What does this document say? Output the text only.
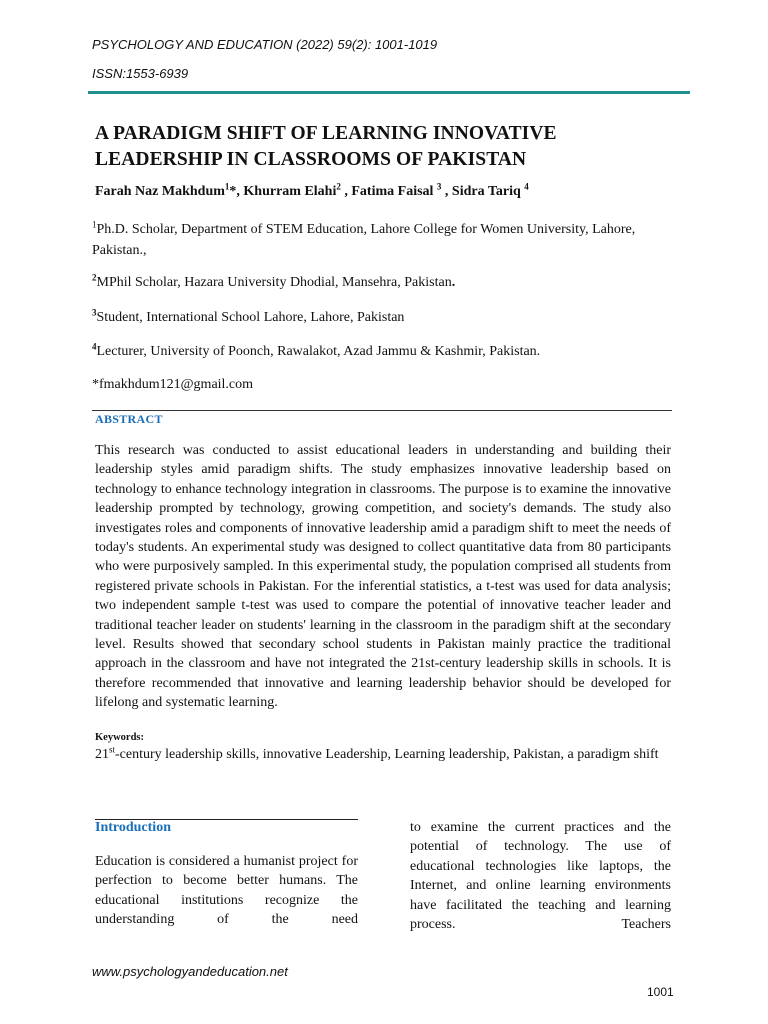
PSYCHOLOGY AND EDUCATION (2022) 59(2): 1001-1019
ISSN:1553-6939
A PARADIGM SHIFT OF LEARNING INNOVATIVE
LEADERSHIP IN CLASSROOMS OF PAKISTAN
Farah Naz Makhdum$^1$*, Khurram Elahi$^2$ , Fatima Faisal $^3$ , Sidra Tariq $^4$
$^1$Ph.D. Scholar, Department of STEM Education, Lahore College for Women University, Lahore, Pakistan.,
$^2$MPhil Scholar, Hazara University Dhodial, Mansehra, Pakistan.
$^3$Student, International School Lahore, Lahore, Pakistan
$^4$Lecturer, University of Poonch, Rawalakot, Azad Jammu & Kashmir, Pakistan.
*fmakhdum121@gmail.com
ABSTRACT
This research was conducted to assist educational leaders in understanding and building their leadership styles amid paradigm shifts. The study emphasizes innovative leadership based on technology to enhance technology integration in classrooms. The purpose is to examine the innovative leadership prompted by technology, growing competition, and society's demands. The study also investigates roles and components of innovative leadership amid a paradigm shift to meet the needs of today's students. An experimental study was designed to collect quantitative data from 80 participants who were purposively sampled. In this experimental study, the population comprised all students from registered private schools in Pakistan. For the inferential statistics, a t-test was used for data analysis; two independent sample t-test was used to compare the potential of innovative teacher leader and traditional teacher leader on students' learning in the classroom in the paradigm shift at the secondary level. Results showed that secondary school students in Pakistan mainly practice the traditional approach in the classroom and have not integrated the 21st-century leadership skills in schools. It is therefore recommended that innovative and learning leadership behavior should be developed for lifelong and systematic learning.
Keywords:
21st-century leadership skills, innovative Leadership, Learning leadership, Pakistan, a paradigm shift
Introduction
Education is considered a humanist project for perfection to become better humans. The educational institutions recognize the understanding of the need
to examine the current practices and the potential of technology. The use of educational technologies like laptops, the Internet, and online learning environments have facilitated the teaching and learning process. Teachers
www.psychologyandeducation.net
1001
